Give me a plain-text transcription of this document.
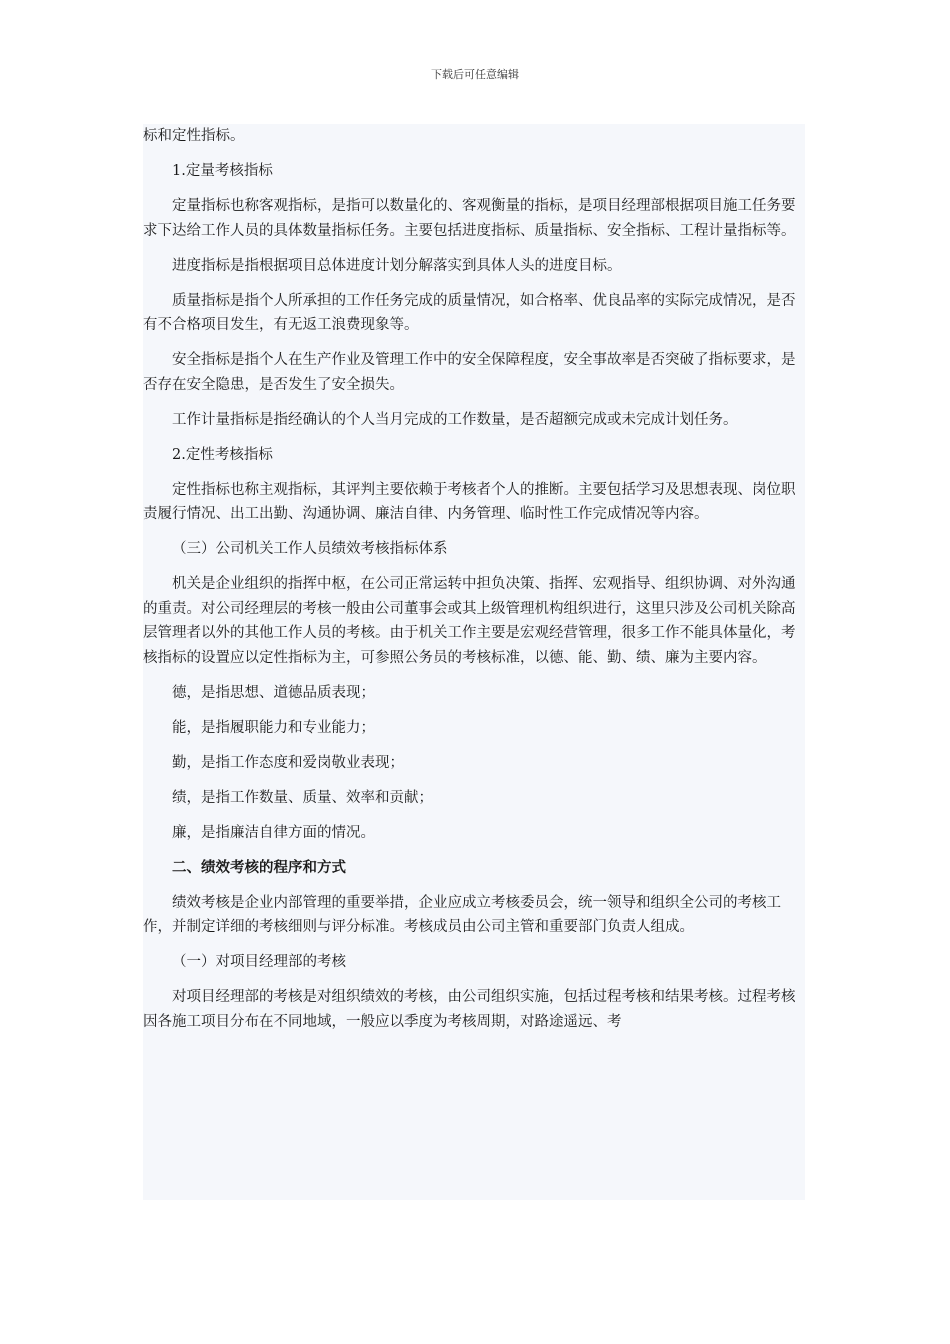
下载后可任意编辑

标和定性指标。

1.定量考核指标

定量指标也称客观指标，是指可以数量化的、客观衡量的指标，是项目经理部根据项目施工任务要求下达给工作人员的具体数量指标任务。主要包括进度指标、质量指标、安全指标、工程计量指标等。

进度指标是指根据项目总体进度计划分解落实到具体人头的进度目标。

质量指标是指个人所承担的工作任务完成的质量情况，如合格率、优良品率的实际完成情况，是否有不合格项目发生，有无返工浪费现象等。

安全指标是指个人在生产作业及管理工作中的安全保障程度，安全事故率是否突破了指标要求，是否存在安全隐患，是否发生了安全损失。

工作计量指标是指经确认的个人当月完成的工作数量，是否超额完成或未完成计划任务。

2.定性考核指标

定性指标也称主观指标，其评判主要依赖于考核者个人的推断。主要包括学习及思想表现、岗位职责履行情况、出工出勤、沟通协调、廉洁自律、内务管理、临时性工作完成情况等内容。

（三）公司机关工作人员绩效考核指标体系

机关是企业组织的指挥中枢，在公司正常运转中担负决策、指挥、宏观指导、组织协调、对外沟通的重责。对公司经理层的考核一般由公司董事会或其上级管理机构组织进行，这里只涉及公司机关除高层管理者以外的其他工作人员的考核。由于机关工作主要是宏观经营管理，很多工作不能具体量化，考核指标的设置应以定性指标为主，可参照公务员的考核标准，以德、能、勤、绩、廉为主要内容。

德，是指思想、道德品质表现；

能，是指履职能力和专业能力；

勤，是指工作态度和爱岗敬业表现；

绩，是指工作数量、质量、效率和贡献；

廉，是指廉洁自律方面的情况。

二、绩效考核的程序和方式

绩效考核是企业内部管理的重要举措，企业应成立考核委员会，统一领导和组织全公司的考核工作，并制定详细的考核细则与评分标准。考核成员由公司主管和重要部门负责人组成。

（一）对项目经理部的考核

对项目经理部的考核是对组织绩效的考核，由公司组织实施，包括过程考核和结果考核。过程考核因各施工项目分布在不同地域，一般应以季度为考核周期，对路途遥远、考
